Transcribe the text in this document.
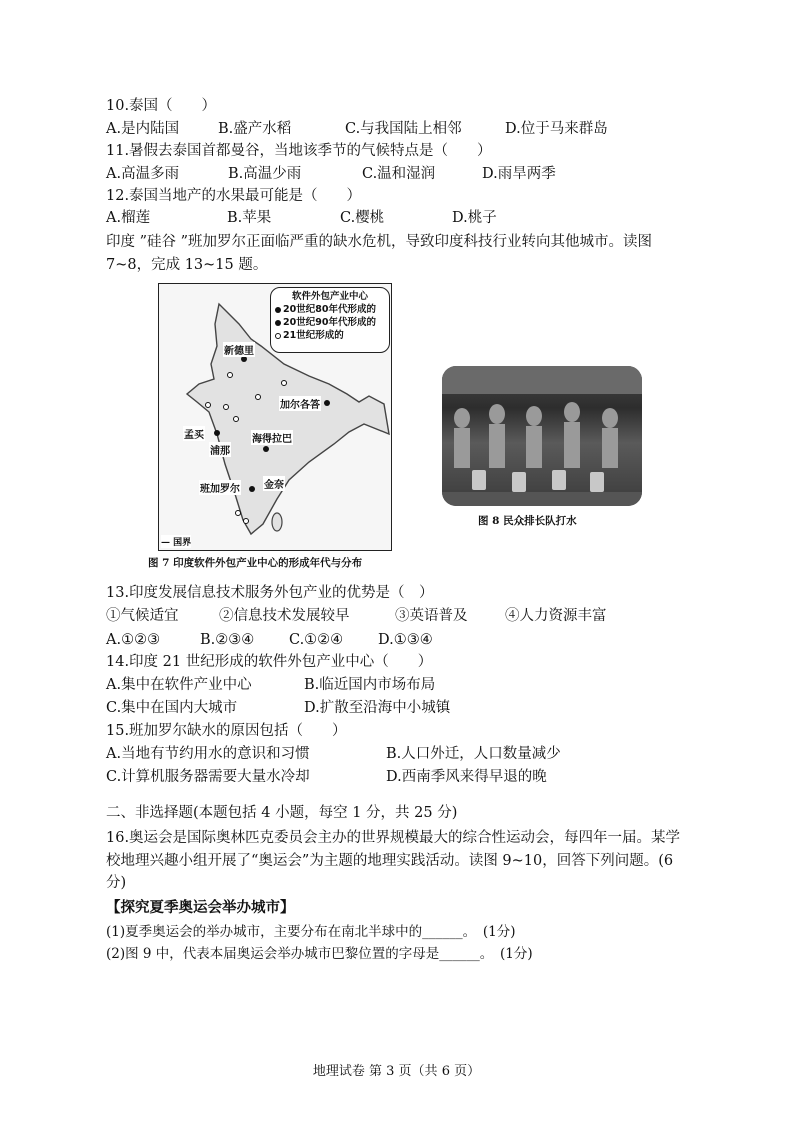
10.泰国（　　）
A.是内陆国	B.盛产水稻	C.与我国陆上相邻	D.位于马来群岛
11.暑假去泰国首都曼谷，当地该季节的气候特点是（　　）
A.高温多雨	B.高温少雨	C.温和湿润	D.雨旱两季
12.泰国当地产的水果最可能是（　　）
A.榴莲	B.苹果	C.樱桃	D.桃子
印度 ”硅谷 ”班加罗尔正面临严重的缺水危机，导致印度科技行业转向其他城市。读图 7~8，完成 13~15 题。
软件外包产业中心
20世纪80年代形成的
20世纪90年代形成的
21世纪形成的
新德里
加尔各答
孟买
浦那
海得拉巴
班加罗尔 金奈
— 国界
图 7 印度软件外包产业中心的形成年代与分布
图 8 民众排长队打水
13.印度发展信息技术服务外包产业的优势是（　）
①气候适宜	②信息技术发展较早	③英语普及	④人力资源丰富
A.①②③	B.②③④ C.①②④ D.①③④
14.印度 21 世纪形成的软件外包产业中心（　　）
A.集中在软件产业中心	B.临近国内市场布局
C.集中在国内大城市	D.扩散至沿海中小城镇
15.班加罗尔缺水的原因包括（　　）
A.当地有节约用水的意识和习惯	B.人口外迁，人口数量减少
C.计算机服务器需要大量水冷却	D.西南季风来得早退的晚
二、非选择题(本题包括 4 小题，每空 1 分，共 25 分)
16.奥运会是国际奥林匹克委员会主办的世界规模最大的综合性运动会，每四年一届。某学校地理兴趣小组开展了“奥运会”为主题的地理实践活动。读图 9~10，回答下列问题。(6 分)
【探究夏季奥运会举办城市】
(1)夏季奥运会的举办城市，主要分布在南北半球中的______。　(1分)
(2)图 9 中，代表本届奥运会举办城市巴黎位置的字母是______。　(1分)
地理试卷 第 3 页（共 6 页）
